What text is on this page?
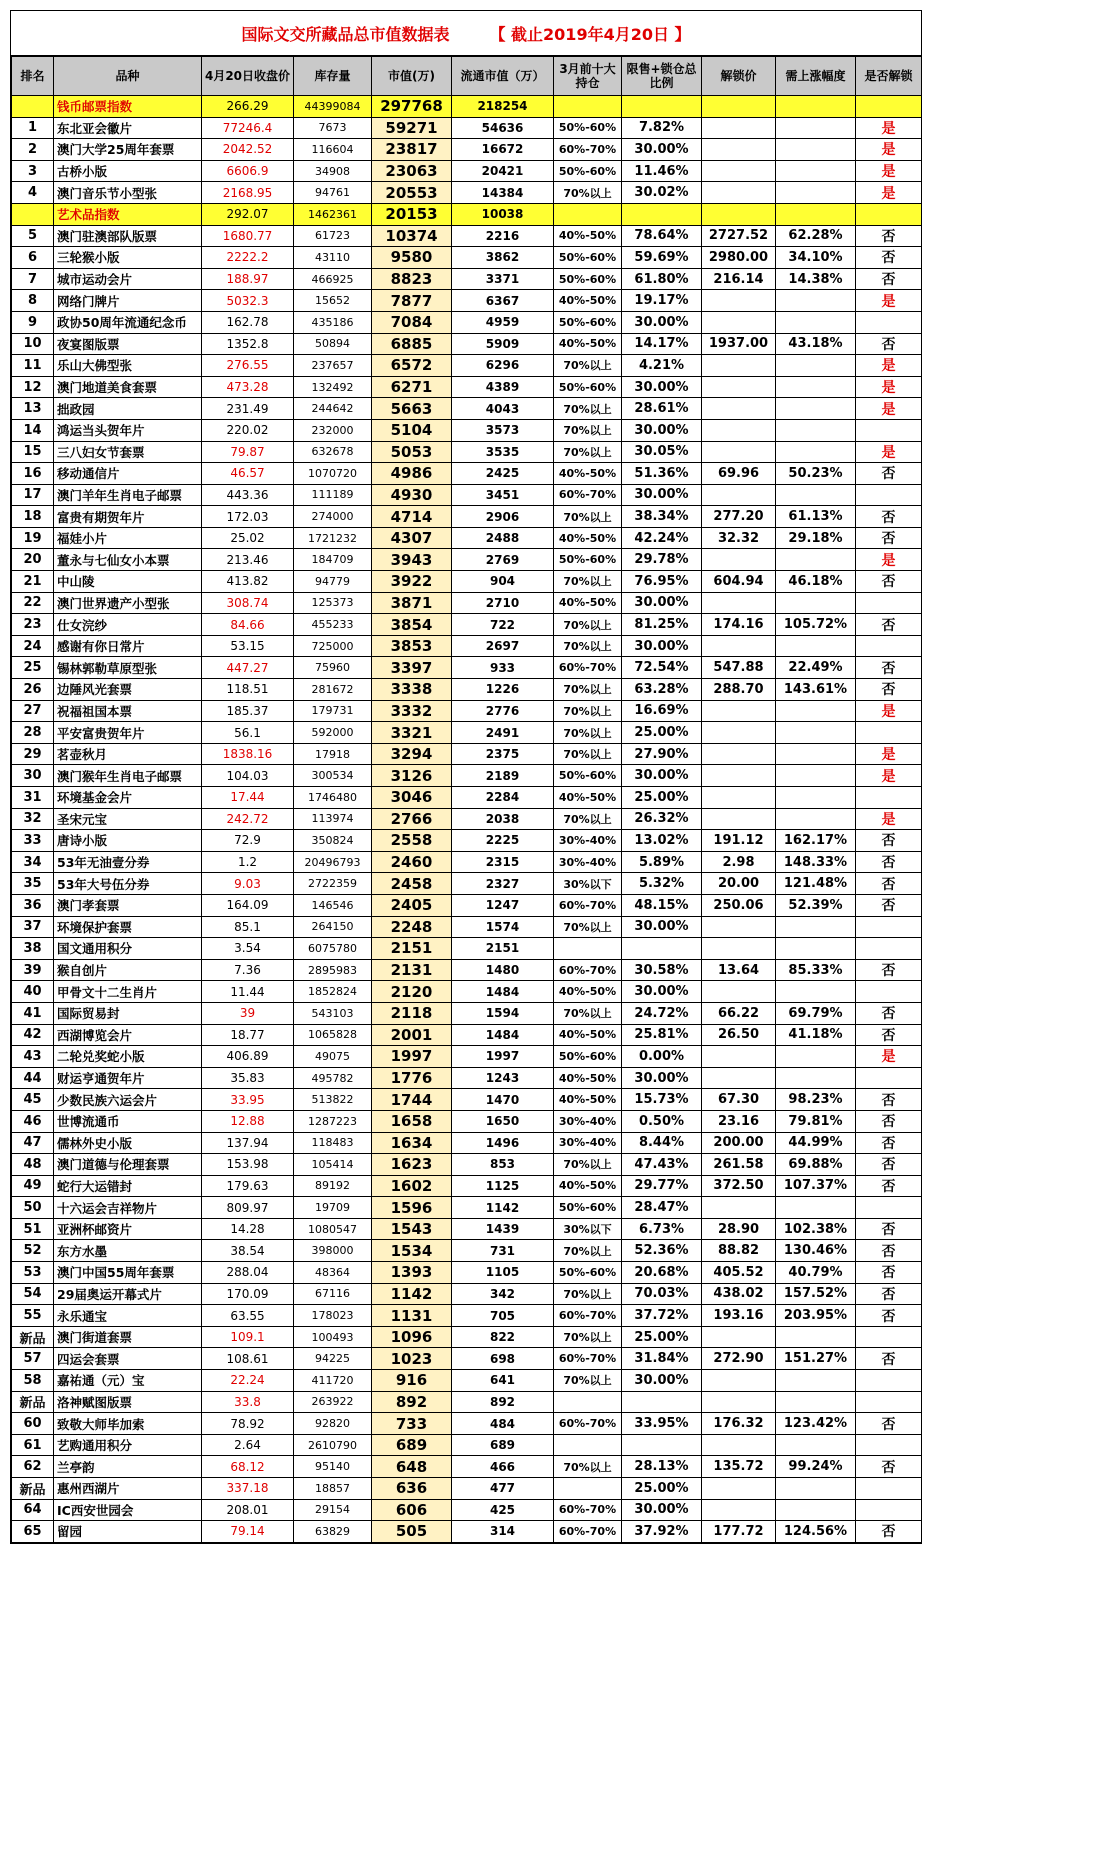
国际文交所藏品总市值数据表	【 截止2019年4月20日 】
排名	品种	4月20日收盘价	库存量	市值(万)	流通市值（万）	3月前十大持仓	限售+锁仓总比例	解锁价	需上涨幅度	是否解锁
	钱币邮票指数	266.29	44399084	297768	218254					
1	东北亚会徽片	77246.4	7673	59271	54636	50%-60%	7.82%			是
2	澳门大学25周年套票	2042.52	116604	23817	16672	60%-70%	30.00%			是
3	古桥小版	6606.9	34908	23063	20421	50%-60%	11.46%			是
4	澳门音乐节小型张	2168.95	94761	20553	14384	70%以上	30.02%			是
	艺术品指数	292.07	1462361	20153	10038					
5	澳门驻澳部队版票	1680.77	61723	10374	2216	40%-50%	78.64%	2727.52	62.28%	否
6	三轮猴小版	2222.2	43110	9580	3862	50%-60%	59.69%	2980.00	34.10%	否
7	城市运动会片	188.97	466925	8823	3371	50%-60%	61.80%	216.14	14.38%	否
8	网络门牌片	5032.3	15652	7877	6367	40%-50%	19.17%			是
9	政协50周年流通纪念币	162.78	435186	7084	4959	50%-60%	30.00%			
10	夜宴图版票	1352.8	50894	6885	5909	40%-50%	14.17%	1937.00	43.18%	否
11	乐山大佛型张	276.55	237657	6572	6296	70%以上	4.21%			是
12	澳门地道美食套票	473.28	132492	6271	4389	50%-60%	30.00%			是
13	拙政园	231.49	244642	5663	4043	70%以上	28.61%			是
14	鸿运当头贺年片	220.02	232000	5104	3573	70%以上	30.00%			
15	三八妇女节套票	79.87	632678	5053	3535	70%以上	30.05%			是
16	移动通信片	46.57	1070720	4986	2425	40%-50%	51.36%	69.96	50.23%	否
17	澳门羊年生肖电子邮票	443.36	111189	4930	3451	60%-70%	30.00%			
18	富贵有期贺年片	172.03	274000	4714	2906	70%以上	38.34%	277.20	61.13%	否
19	福娃小片	25.02	1721232	4307	2488	40%-50%	42.24%	32.32	29.18%	否
20	董永与七仙女小本票	213.46	184709	3943	2769	50%-60%	29.78%			是
21	中山陵	413.82	94779	3922	904	70%以上	76.95%	604.94	46.18%	否
22	澳门世界遗产小型张	308.74	125373	3871	2710	40%-50%	30.00%			
23	仕女浣纱	84.66	455233	3854	722	70%以上	81.25%	174.16	105.72%	否
24	感谢有你日常片	53.15	725000	3853	2697	70%以上	30.00%			
25	锡林郭勒草原型张	447.27	75960	3397	933	60%-70%	72.54%	547.88	22.49%	否
26	边陲风光套票	118.51	281672	3338	1226	70%以上	63.28%	288.70	143.61%	否
27	祝福祖国本票	185.37	179731	3332	2776	70%以上	16.69%			是
28	平安富贵贺年片	56.1	592000	3321	2491	70%以上	25.00%			
29	茗壶秋月	1838.16	17918	3294	2375	70%以上	27.90%			是
30	澳门猴年生肖电子邮票	104.03	300534	3126	2189	50%-60%	30.00%			是
31	环境基金会片	17.44	1746480	3046	2284	40%-50%	25.00%			
32	圣宋元宝	242.72	113974	2766	2038	70%以上	26.32%			是
33	唐诗小版	72.9	350824	2558	2225	30%-40%	13.02%	191.12	162.17%	否
34	53年无油壹分券	1.2	20496793	2460	2315	30%-40%	5.89%	2.98	148.33%	否
35	53年大号伍分券	9.03	2722359	2458	2327	30%以下	5.32%	20.00	121.48%	否
36	澳门孝套票	164.09	146546	2405	1247	60%-70%	48.15%	250.06	52.39%	否
37	环境保护套票	85.1	264150	2248	1574	70%以上	30.00%			
38	国文通用积分	3.54	6075780	2151	2151					
39	猴自创片	7.36	2895983	2131	1480	60%-70%	30.58%	13.64	85.33%	否
40	甲骨文十二生肖片	11.44	1852824	2120	1484	40%-50%	30.00%			
41	国际贸易封	39	543103	2118	1594	70%以上	24.72%	66.22	69.79%	否
42	西湖博览会片	18.77	1065828	2001	1484	40%-50%	25.81%	26.50	41.18%	否
43	二轮兑奖蛇小版	406.89	49075	1997	1997	50%-60%	0.00%			是
44	财运亨通贺年片	35.83	495782	1776	1243	40%-50%	30.00%			
45	少数民族六运会片	33.95	513822	1744	1470	40%-50%	15.73%	67.30	98.23%	否
46	世博流通币	12.88	1287223	1658	1650	30%-40%	0.50%	23.16	79.81%	否
47	儒林外史小版	137.94	118483	1634	1496	30%-40%	8.44%	200.00	44.99%	否
48	澳门道德与伦理套票	153.98	105414	1623	853	70%以上	47.43%	261.58	69.88%	否
49	蛇行大运错封	179.63	89192	1602	1125	40%-50%	29.77%	372.50	107.37%	否
50	十六运会吉祥物片	809.97	19709	1596	1142	50%-60%	28.47%			
51	亚洲杯邮资片	14.28	1080547	1543	1439	30%以下	6.73%	28.90	102.38%	否
52	东方水墨	38.54	398000	1534	731	70%以上	52.36%	88.82	130.46%	否
53	澳门中国55周年套票	288.04	48364	1393	1105	50%-60%	20.68%	405.52	40.79%	否
54	29届奥运开幕式片	170.09	67116	1142	342	70%以上	70.03%	438.02	157.52%	否
55	永乐通宝	63.55	178023	1131	705	60%-70%	37.72%	193.16	203.95%	否
新品	澳门街道套票	109.1	100493	1096	822	70%以上	25.00%			
57	四运会套票	108.61	94225	1023	698	60%-70%	31.84%	272.90	151.27%	否
58	嘉祐通（元）宝	22.24	411720	916	641	70%以上	30.00%			
新品	洛神赋图版票	33.8	263922	892	892					
60	致敬大师毕加索	78.92	92820	733	484	60%-70%	33.95%	176.32	123.42%	否
61	艺购通用积分	2.64	2610790	689	689					
62	兰亭韵	68.12	95140	648	466	70%以上	28.13%	135.72	99.24%	否
新品	惠州西湖片	337.18	18857	636	477		25.00%			
64	IC西安世园会	208.01	29154	606	425	60%-70%	30.00%			
65	留园	79.14	63829	505	314	60%-70%	37.92%	177.72	124.56%	否
